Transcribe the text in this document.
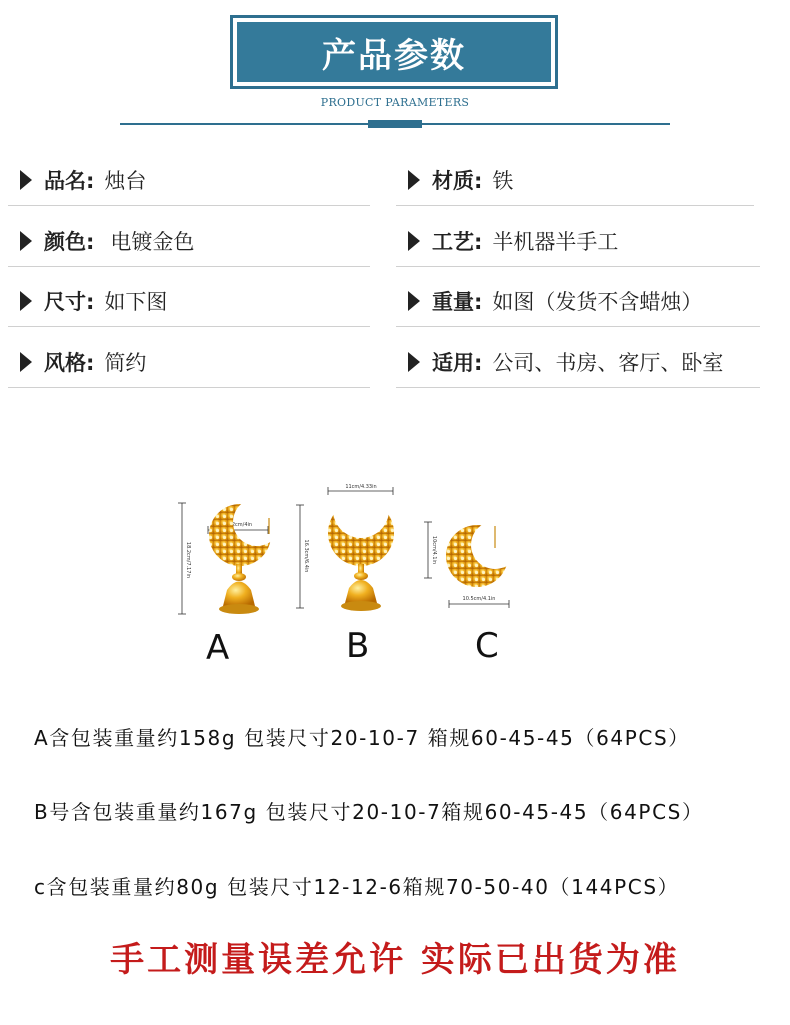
产品参数
PRODUCT PARAMETERS
品名: 烛台	材质: 铁
颜色: 电镀金色	工艺: 半机器半手工
尺寸: 如下图	重量: 如图（发货不含蜡烛）
风格: 简约	适用: 公司、书房、客厅、卧室
18.2cm/7.17in
11cm/4.33in
16.3cm/6.4in	10cm/4.1in
10.5cm/4.1in
A	B	C
A含包装重量约158g 包装尺寸20-10-7 箱规60-45-45（64PCS）
B号含包装重量约167g 包装尺寸20-10-7箱规60-45-45（64PCS）
c含包装重量约80g 包装尺寸12-12-6箱规70-50-40（144PCS）
手工测量误差允许 实际已出货为准
